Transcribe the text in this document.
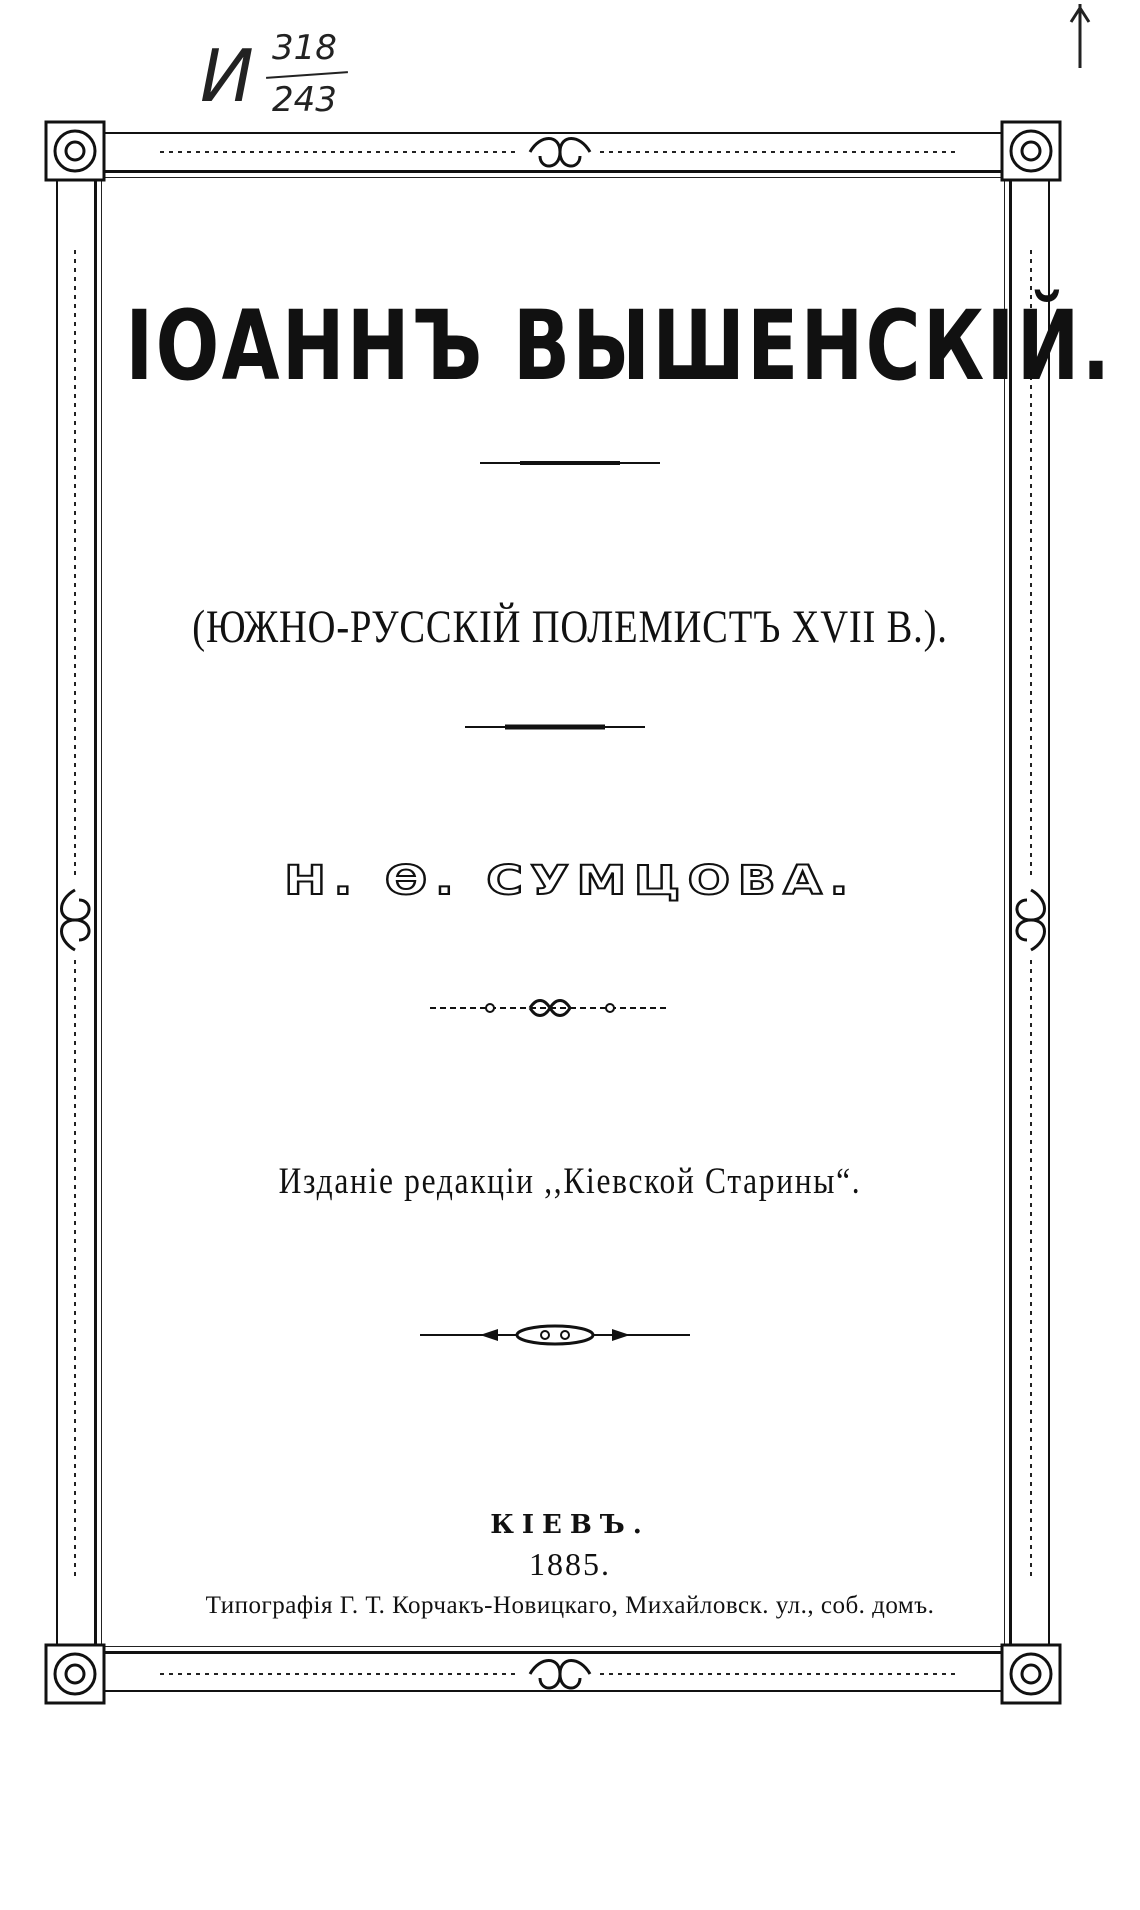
И 318
243
ІОАННЪ ВЫШЕНСКІЙ.
(ЮЖНО-РУССКІЙ ПОЛЕМИСТЪ XVII В.).
Н. Ѳ. СУМЦОВА.
Изданіе редакціи ,,Кіевской Старины“.
КІЕВЪ.
1885.
Типографія Г. Т. Корчакъ-Новицкаго, Михайловск. ул., соб. домъ.
